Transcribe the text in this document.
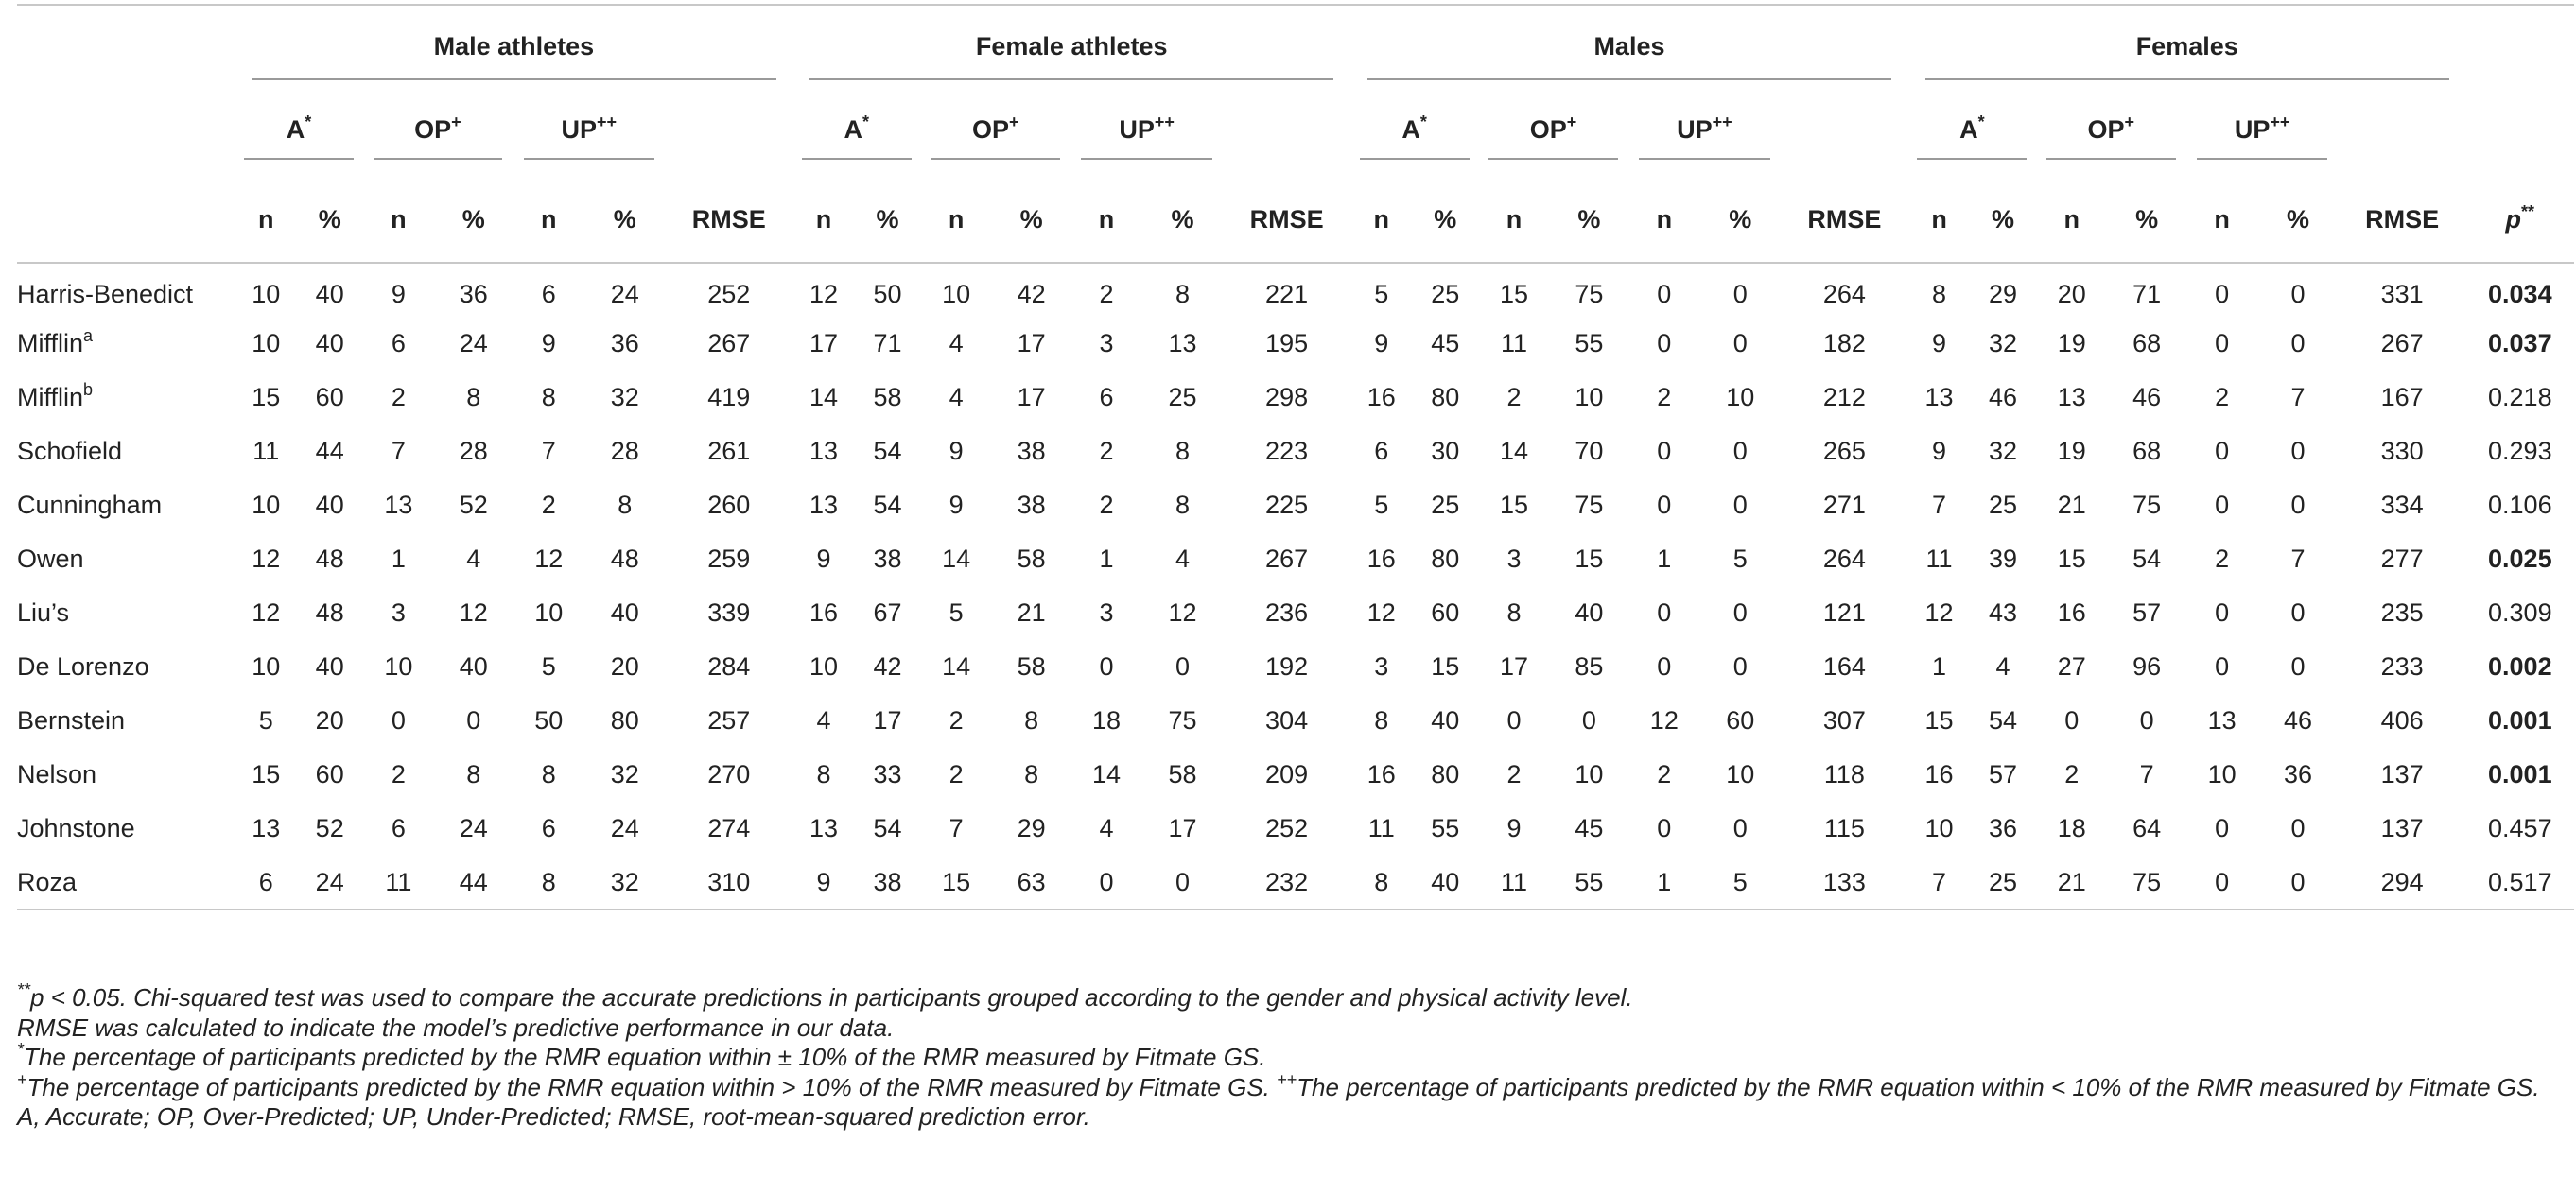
	Male athletes							Female athletes							Males							Females							
	A*		OP+		UP++			A*		OP+		UP++			A*		OP+		UP++			A*		OP+		UP++		
	n	%	n	%	n	%	RMSE	n	%	n	%	n	%	RMSE	n	%	n	%	n	%	RMSE	n	%	n	%	n	%	RMSE	p**
Harris-Benedict	10	40	9	36	6	24	252	12	50	10	42	2	8	221	5	25	15	75	0	0	264	8	29	20	71	0	0	331	0.034
Mifflin$^a$	10	40	6	24	9	36	267	17	71	4	17	3	13	195	9	45	11	55	0	0	182	9	32	19	68	0	0	267	0.037
Mifflin$^b$	15	60	2	8	8	32	419	14	58	4	17	6	25	298	16	80	2	10	2	10	212	13	46	13	46	2	7	167	0.218
Schofield	11	44	7	28	7	28	261	13	54	9	38	2	8	223	6	30	14	70	0	0	265	9	32	19	68	0	0	330	0.293
Cunningham	10	40	13	52	2	8	260	13	54	9	38	2	8	225	5	25	15	75	0	0	271	7	25	21	75	0	0	334	0.106
Owen	12	48	1	4	12	48	259	9	38	14	58	1	4	267	16	80	3	15	1	5	264	11	39	15	54	2	7	277	0.025
Liu’s	12	48	3	12	10	40	339	16	67	5	21	3	12	236	12	60	8	40	0	0	121	12	43	16	57	0	0	235	0.309
De Lorenzo	10	40	10	40	5	20	284	10	42	14	58	0	0	192	3	15	17	85	0	0	164	1	4	27	96	0	0	233	0.002
Bernstein	5	20	0	0	50	80	257	4	17	2	8	18	75	304	8	40	0	0	12	60	307	15	54	0	0	13	46	406	0.001
Nelson	15	60	2	8	8	32	270	8	33	2	8	14	58	209	16	80	2	10	2	10	118	16	57	2	7	10	36	137	0.001
Johnstone	13	52	6	24	6	24	274	13	54	7	29	4	17	252	11	55	9	45	0	0	115	10	36	18	64	0	0	137	0.457
Roza	6	24	11	44	8	32	310	9	38	15	63	0	0	232	8	40	11	55	1	5	133	7	25	21	75	0	0	294	0.517

**p < 0.05. Chi-squared test was used to compare the accurate predictions in participants grouped according to the gender and physical activity level.

RMSE was calculated to indicate the model’s predictive performance in our data.

*The percentage of participants predicted by the RMR equation within ± 10% of the RMR measured by Fitmate GS.

+The percentage of participants predicted by the RMR equation within > 10% of the RMR measured by Fitmate GS. ++The percentage of participants predicted by the RMR equation within < 10% of the RMR measured by Fitmate GS.

A, Accurate; OP, Over-Predicted; UP, Under-Predicted; RMSE, root-mean-squared prediction error.
